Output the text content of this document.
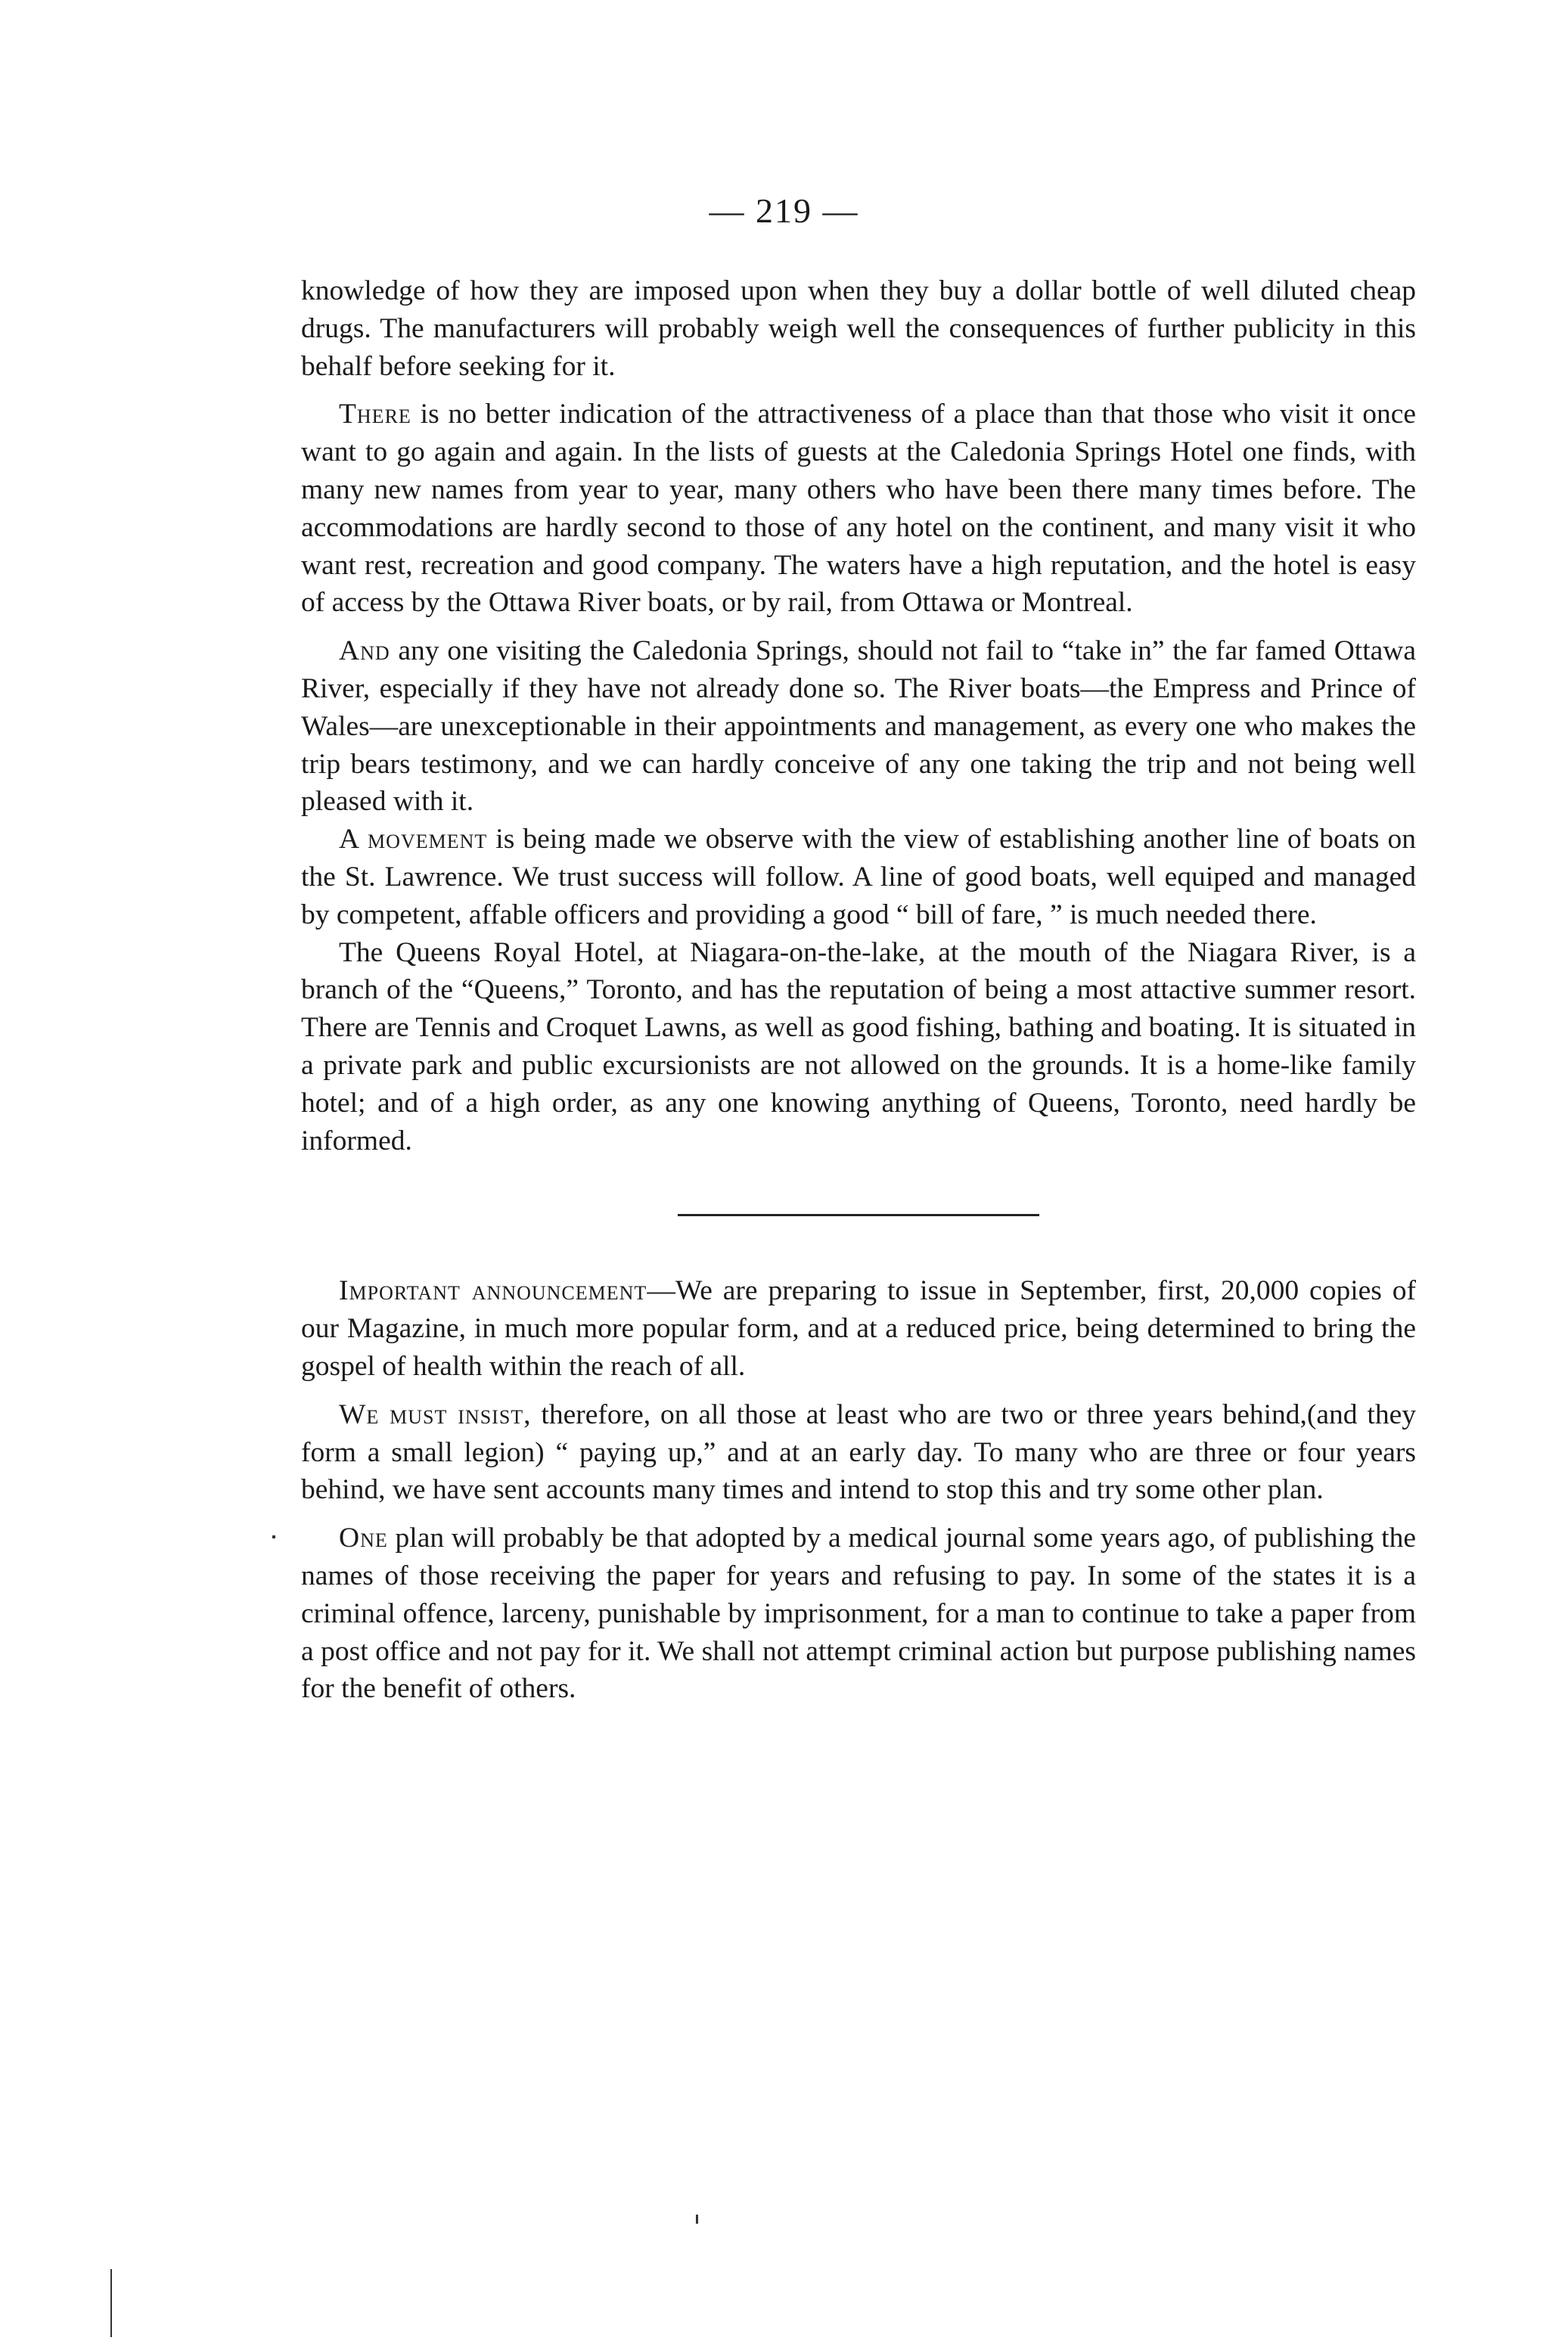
— 219 —

knowledge of how they are imposed upon when they buy a dollar bottle of well diluted cheap drugs. The manufacturers will probably weigh well the consequences of further publicity in this behalf before seeking for it.

There is no better indication of the attractiveness of a place than that those who visit it once want to go again and again. In the lists of guests at the Caledonia Springs Hotel one finds, with many new names from year to year, many others who have been there many times before. The accommodations are hardly second to those of any hotel on the continent, and many visit it who want rest, recreation and good company. The waters have a high reputation, and the hotel is easy of access by the Ottawa River boats, or by rail, from Ottawa or Montreal.

And any one visiting the Caledonia Springs, should not fail to “take in” the far famed Ottawa River, especially if they have not already done so. The River boats—the Empress and Prince of Wales—are unexceptionable in their appointments and management, as every one who makes the trip bears testimony, and we can hardly conceive of any one taking the trip and not being well pleased with it.

A movement is being made we observe with the view of establishing another line of boats on the St. Lawrence. We trust success will follow. A line of good boats, well equiped and managed by competent, affable officers and providing a good “ bill of fare, ” is much needed there.

The Queens Royal Hotel, at Niagara-on-the-lake, at the mouth of the Niagara River, is a branch of the “Queens,” Toronto, and has the reputation of being a most attactive summer resort. There are Tennis and Croquet Lawns, as well as good fishing, bathing and boating. It is situated in a private park and public excursionists are not allowed on the grounds. It is a home-like family hotel; and of a high order, as any one knowing anything of Queens, Toronto, need hardly be informed.

Important announcement—We are preparing to issue in September, first, 20,000 copies of our Magazine, in much more popular form, and at a reduced price, being determined to bring the gospel of health within the reach of all.

We must insist, therefore, on all those at least who are two or three years behind,(and they form a small legion) “ paying up,” and at an early day. To many who are three or four years behind, we have sent accounts many times and intend to stop this and try some other plan.

One plan will probably be that adopted by a medical journal some years ago, of publishing the names of those receiving the paper for years and refusing to pay. In some of the states it is a criminal offence, larceny, punishable by imprisonment, for a man to continue to take a paper from a post office and not pay for it. We shall not attempt criminal action but purpose publishing names for the benefit of others.
